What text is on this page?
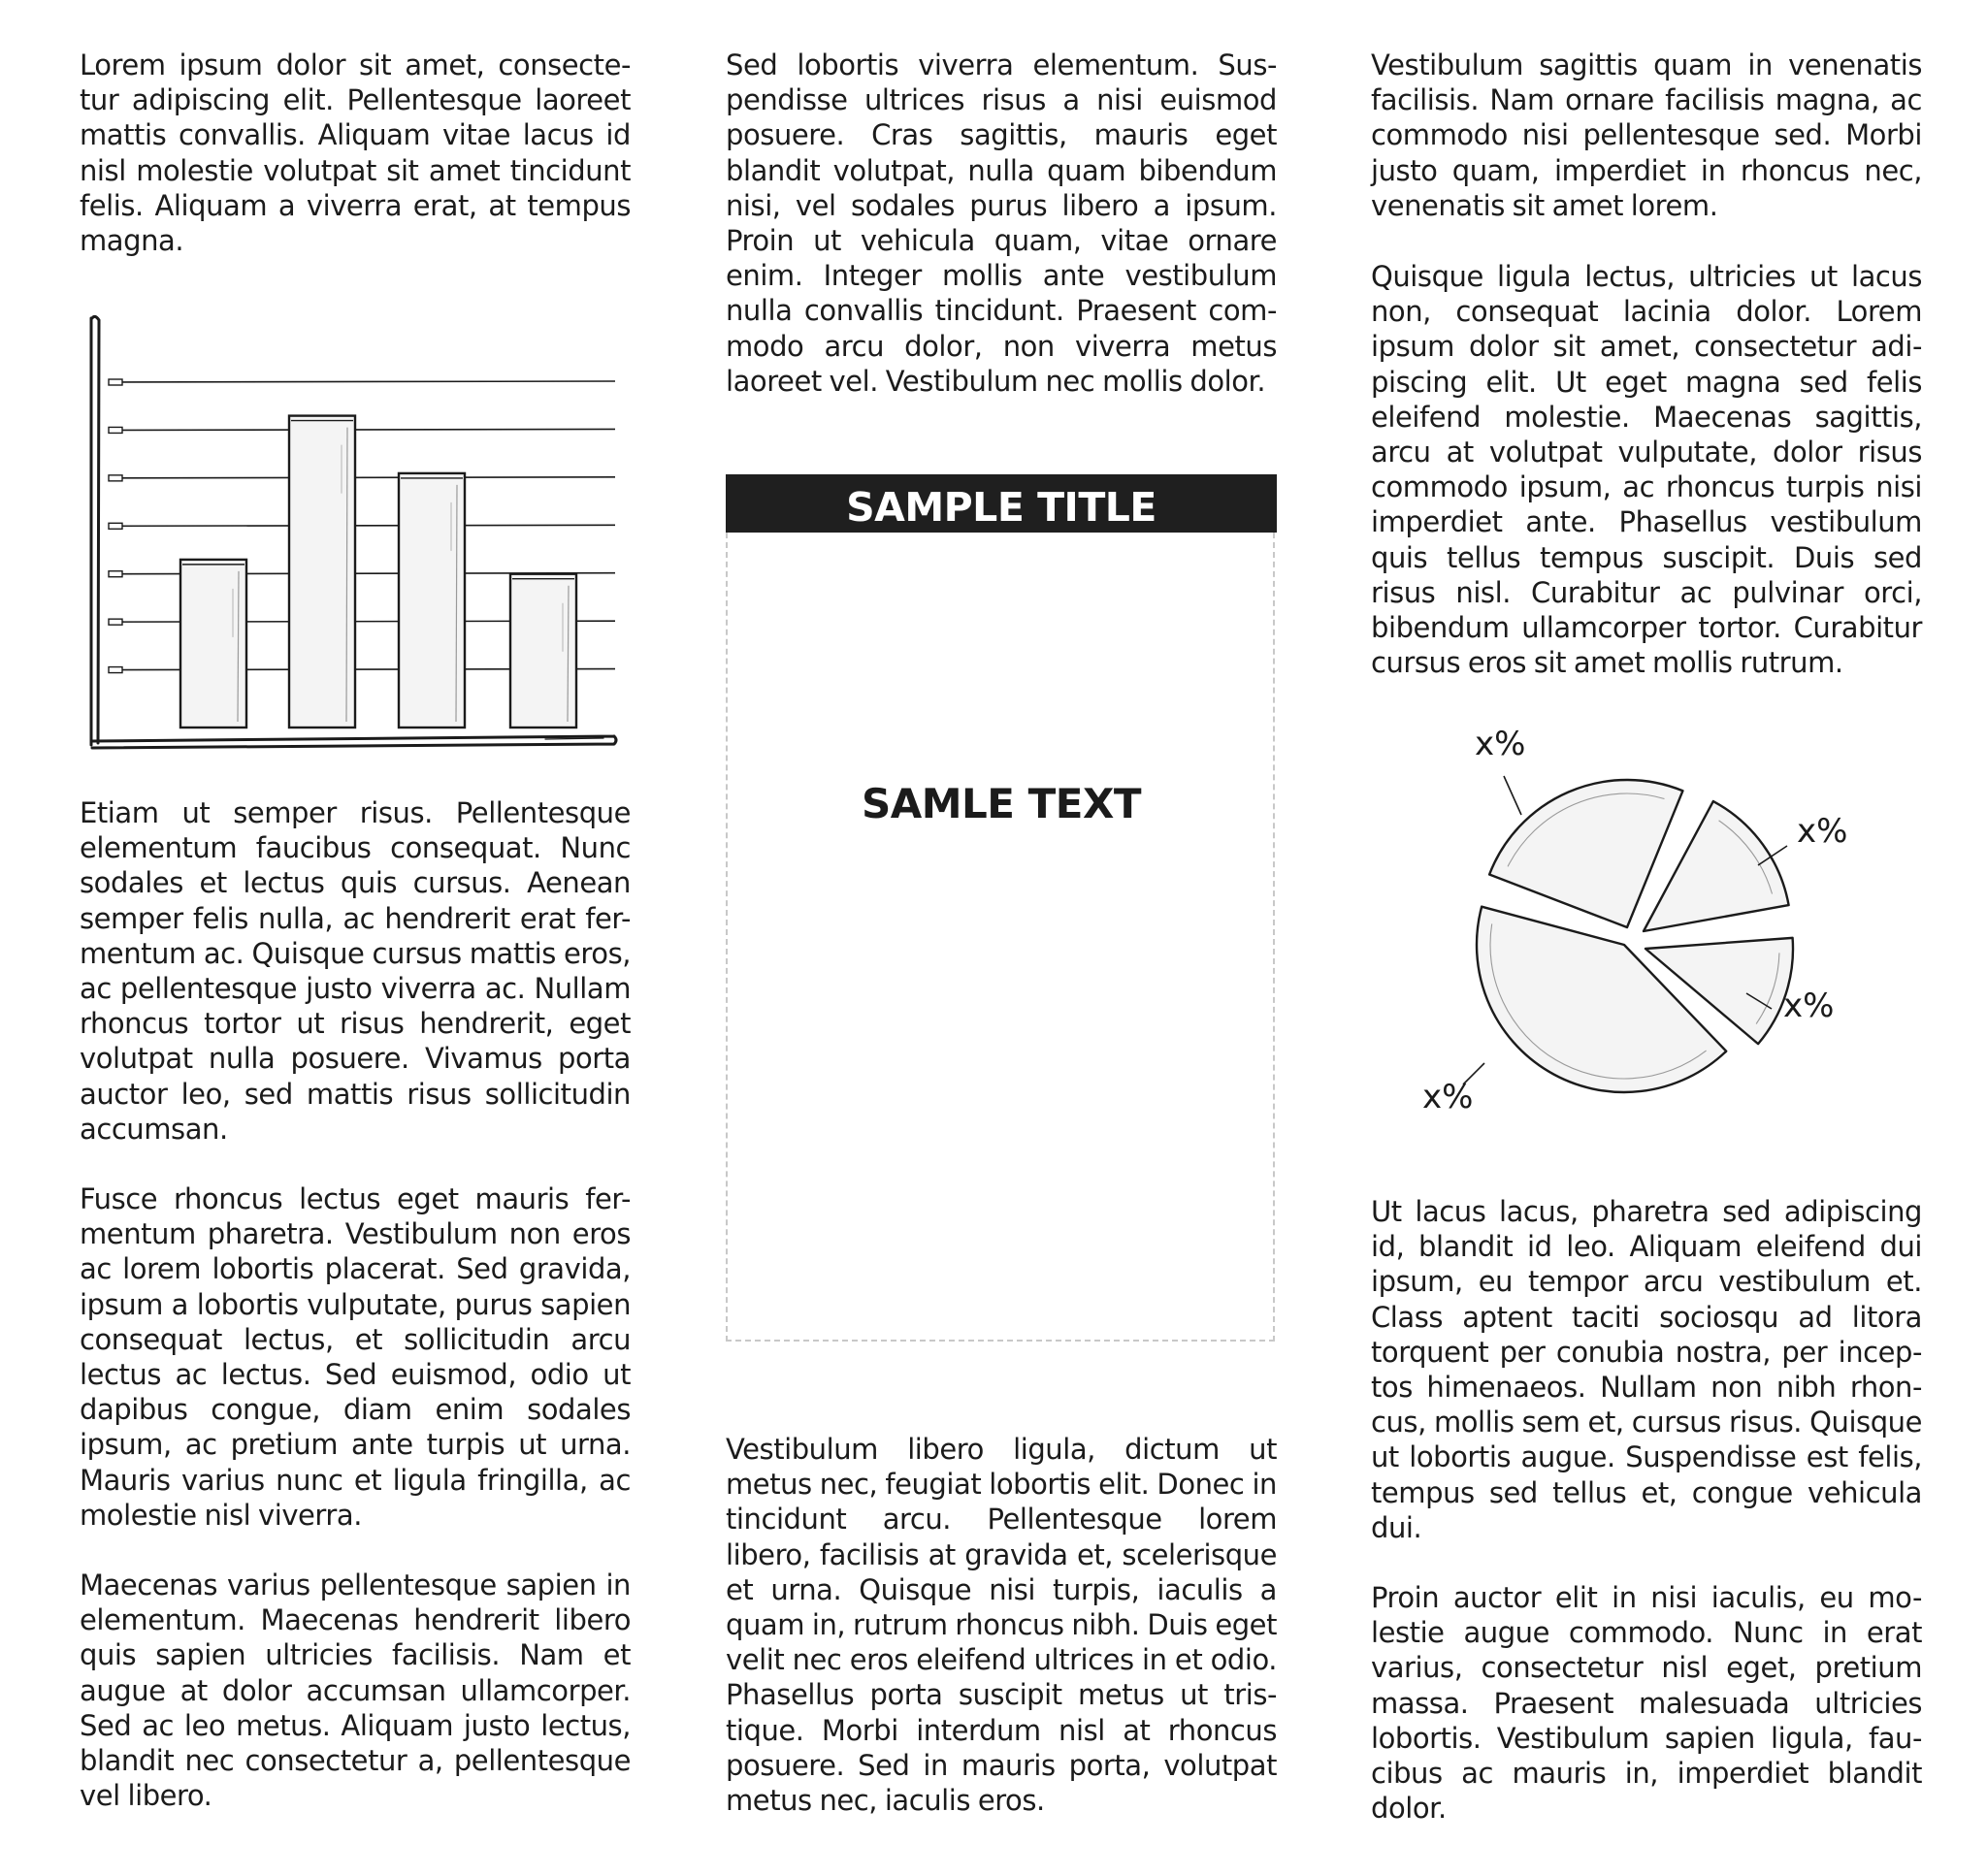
Lorem ipsum dolor sit amet, consecte-tur adipiscing elit. Pellentesque laoreet mattis convallis. Aliquam vitae lacus id nisl molestie volutpat sit amet tincidunt felis. Aliquam a viverra erat, at tempus magna.

Etiam ut semper risus. Pellentesque elementum faucibus consequat. Nunc sodales et lectus quis cursus. Aenean semper felis nulla, ac hendrerit erat fer-mentum ac. Quisque cursus mattis eros, ac pellentesque justo viverra ac. Nullam rhoncus tortor ut risus hendrerit, eget volutpat nulla posuere. Vivamus porta auctor leo, sed mattis risus sollicitudin accumsan.

Fusce rhoncus lectus eget mauris fer-mentum pharetra. Vestibulum non eros ac lorem lobortis placerat. Sed gravida, ipsum a lobortis vulputate, purus sapien consequat lectus, et sollicitudin arcu lectus ac lectus. Sed euismod, odio ut dapibus congue, diam enim sodales ipsum, ac pretium ante turpis ut urna. Mauris varius nunc et ligula fringilla, ac molestie nisl viverra.

Maecenas varius pellentesque sapien in elementum. Maecenas hendrerit libero quis sapien ultricies facilisis. Nam et augue at dolor accumsan ullamcorper. Sed ac leo metus. Aliquam justo lectus, blandit nec consectetur a, pellentesque vel libero.

Sed lobortis viverra elementum. Sus-pendisse ultrices risus a nisi euismod posuere. Cras sagittis, mauris eget blandit volutpat, nulla quam bibendum nisi, vel sodales purus libero a ipsum. Proin ut vehicula quam, vitae ornare enim. Integer mollis ante vestibulum nulla convallis tincidunt. Praesent com-modo arcu dolor, non viverra metus laoreet vel. Vestibulum nec mollis dolor.

Vestibulum libero ligula, dictum ut metus nec, feugiat lobortis elit. Donec in tincidunt arcu. Pellentesque lorem libero, facilisis at gravida et, scelerisque et urna. Quisque nisi turpis, iaculis a quam in, rutrum rhoncus nibh. Duis eget velit nec eros eleifend ultrices in et odio. Phasellus porta suscipit metus ut tris-tique. Morbi interdum nisl at rhoncus posuere. Sed in mauris porta, volutpat metus nec, iaculis eros.

SAMPLE TITLE
SAMLE TEXT

Vestibulum sagittis quam in venenatis facilisis. Nam ornare facilisis magna, ac commodo nisi pellentesque sed. Morbi justo quam, imperdiet in rhoncus nec, venenatis sit amet lorem.

Quisque ligula lectus, ultricies ut lacus non, consequat lacinia dolor. Lorem ipsum dolor sit amet, consectetur adi-piscing elit. Ut eget magna sed felis eleifend molestie. Maecenas sagittis, arcu at volutpat vulputate, dolor risus commodo ipsum, ac rhoncus turpis nisi imperdiet ante. Phasellus vestibulum quis tellus tempus suscipit. Duis sed risus nisl. Curabitur ac pulvinar orci, bibendum ullamcorper tortor. Curabitur cursus eros sit amet mollis rutrum.

Ut lacus lacus, pharetra sed adipiscing id, blandit id leo. Aliquam eleifend dui ipsum, eu tempor arcu vestibulum et. Class aptent taciti sociosqu ad litora torquent per conubia nostra, per incep-tos himenaeos. Nullam non nibh rhon-cus, mollis sem et, cursus risus. Quisque ut lobortis augue. Suspendisse est felis, tempus sed tellus et, congue vehicula dui.

Proin auctor elit in nisi iaculis, eu mo-lestie augue commodo. Nunc in erat varius, consectetur nisl eget, pretium massa. Praesent malesuada ultricies lobortis. Vestibulum sapien ligula, fau-cibus ac mauris in, imperdiet blandit dolor.

x%
x%
x%
x%
